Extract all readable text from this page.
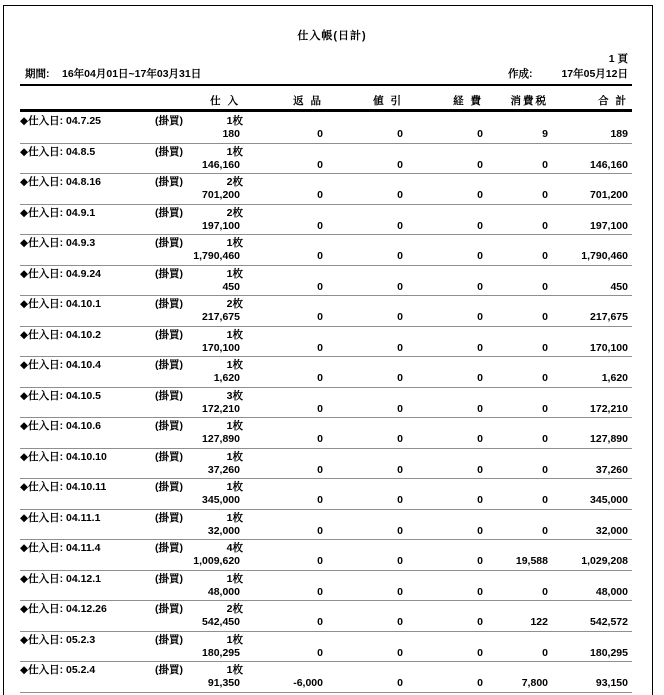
仕入帳(日計)
1 頁
期間: 16年04月01日~17年03月31日	作成:	17年05月12日
仕 入	返 品	値 引	経 費	消費税	合 計
◆仕入日: 04.7.25	(掛買)	1枚
180	0	0	0	9	189
◆仕入日: 04.8.5	(掛買)	1枚
146,160	0	0	0	0	146,160
◆仕入日: 04.8.16	(掛買)	2枚
701,200	0	0	0	0	701,200
◆仕入日: 04.9.1	(掛買)	2枚
197,100	0	0	0	0	197,100
◆仕入日: 04.9.3	(掛買)	1枚
1,790,460	0	0	0	0	1,790,460
◆仕入日: 04.9.24	(掛買)	1枚
450	0	0	0	0	450
◆仕入日: 04.10.1	(掛買)	2枚
217,675	0	0	0	0	217,675
◆仕入日: 04.10.2	(掛買)	1枚
170,100	0	0	0	0	170,100
◆仕入日: 04.10.4	(掛買)	1枚
1,620	0	0	0	0	1,620
◆仕入日: 04.10.5	(掛買)	3枚
172,210	0	0	0	0	172,210
◆仕入日: 04.10.6	(掛買)	1枚
127,890	0	0	0	0	127,890
◆仕入日: 04.10.10	(掛買)	1枚
37,260	0	0	0	0	37,260
◆仕入日: 04.10.11	(掛買)	1枚
345,000	0	0	0	0	345,000
◆仕入日: 04.11.1	(掛買)	1枚
32,000	0	0	0	0	32,000
◆仕入日: 04.11.4	(掛買)	4枚
1,009,620	0	0	0	19,588	1,029,208
◆仕入日: 04.12.1	(掛買)	1枚
48,000	0	0	0	0	48,000
◆仕入日: 04.12.26	(掛買)	2枚
542,450	0	0	0	122	542,572
◆仕入日: 05.2.3	(掛買)	1枚
180,295	0	0	0	0	180,295
◆仕入日: 05.2.4	(掛買)	1枚
91,350	-6,000	0	0	7,800	93,150
